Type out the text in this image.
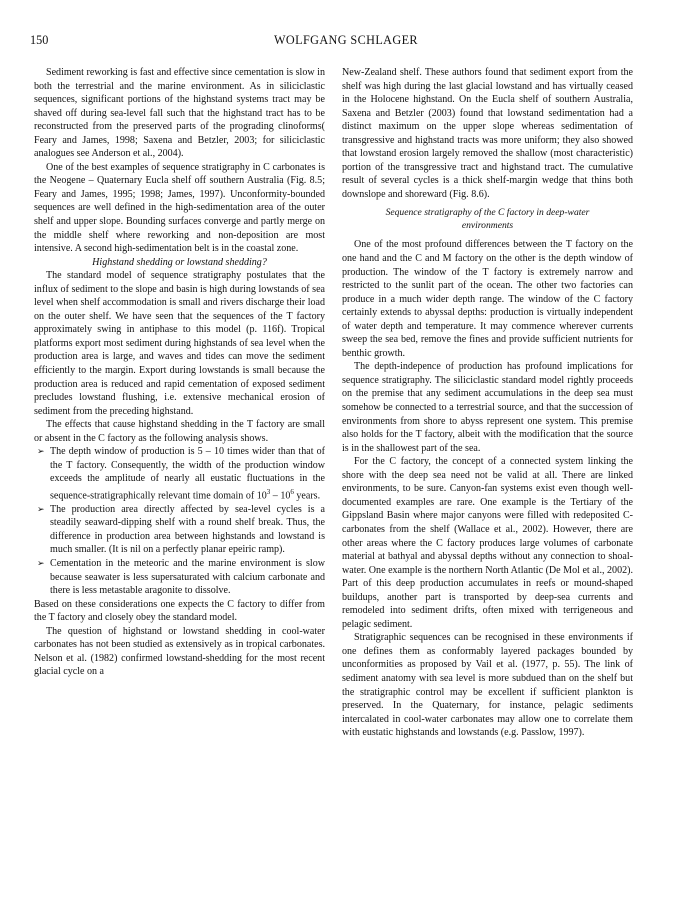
150	WOLFGANG SCHLAGER

Sediment reworking is fast and effective since cementation is slow in both the terrestrial and the marine environment. As in siliciclastic sequences, significant portions of the highstand systems tract may be shaved off during sea-level fall such that the highstand tract has to be reconstructed from the preserved parts of the prograding clinoforms( Feary and James, 1998; Saxena and Betzler, 2003; for siliciclastic analogues see Anderson et al., 2004).

One of the best examples of sequence stratigraphy in C carbonates is the Neogene – Quaternary Eucla shelf off southern Australia (Fig. 8.5; Feary and James, 1995; 1998; James, 1997). Unconformity-bounded sequences are well defined in the high-sedimentation area of the outer shelf and upper slope. Bounding surfaces converge and partly merge on the middle shelf where reworking and non-deposition are most intensive. A second high-sedimentation belt is in the coastal zone.

Highstand shedding or lowstand shedding?

The standard model of sequence stratigraphy postulates that the influx of sediment to the slope and basin is high during lowstands of sea level when shelf accommodation is small and rivers discharge their load on the outer shelf. We have seen that the sequences of the T factory approximately swing in antiphase to this model (p. 116f). Tropical platforms export most sediment during highstands of sea level when the production area is large, and waves and tides can move the sediment efficiently to the margin. Export during lowstands is small because the production area is reduced and rapid cementation of exposed sediment precludes lowstand flushing, i.e. extensive mechanical erosion of sediment from the preceding highstand.

The effects that cause highstand shedding in the T factory are small or absent in the C factory as the following analysis shows.

➢ The depth window of production is 5 – 10 times wider than that of the T factory. Consequently, the width of the production window exceeds the amplitude of nearly all eustatic fluctuations in the sequence-stratigraphically relevant time domain of $10^3 - 10^6$ years.
➢ The production area directly affected by sea-level cycles is a steadily seaward-dipping shelf with a round shelf break. Thus, the difference in production area between highstands and lowstand is much smaller. (It is nil on a perfectly planar epeiric ramp).
➢ Cementation in the meteoric and the marine environment is slow because seawater is less supersaturated with calcium carbonate and there is less metastable aragonite to dissolve.

Based on these considerations one expects the C factory to differ from the T factory and closely obey the standard model.

The question of highstand or lowstand shedding in cool-water carbonates has not been studied as extensively as in tropical carbonates. Nelson et al. (1982) confirmed lowstand-shedding for the most recent glacial cycle on a

New-Zealand shelf. These authors found that sediment export from the shelf was high during the last glacial lowstand and has virtually ceased in the Holocene highstand. On the Eucla shelf of southern Australia, Saxena and Betzler (2003) found that lowstand sedimentation had a distinct maximum on the upper slope whereas sedimentation of transgressive and highstand tracts was more uniform; they also showed that lowstand erosion largely removed the shallow (most characteristic) portion of the transgressive tract and highstand tract. The cumulative result of several cycles is a thick shelf-margin wedge that thins both downslope and shoreward (Fig. 8.6).

Sequence stratigraphy of the C factory in deep-water
environments

One of the most profound differences between the T factory on the one hand and the C and M factory on the other is the depth window of production. The window of the T factory is extremely narrow and restricted to the sunlit part of the ocean. The other two factories can produce in a much wider depth range. The window of the C factory certainly extends to abyssal depths: production is virtually independent of water depth and temperature. It may commence wherever currents sweep the sea bed, remove the fines and provide sufficient nutrients for benthic growth.

The depth-indepence of production has profound implications for sequence stratigraphy. The siliciclastic standard model rightly proceeds on the premise that any sediment accumulations in the deep sea must somehow be connected to a terrestrial source, and that the succession of environments from shore to abyss represent one system. This premise also holds for the T factory, albeit with the modification that the source is in the shallowest part of the sea.

For the C factory, the concept of a connected system linking the shore with the deep sea need not be valid at all. There are linked environments, to be sure. Canyon-fan systems exist even though well-documented examples are rare. One example is the Tertiary of the Gippsland Basin where major canyons were filled with redeposited C-carbonates from the shelf (Wallace et al., 2002). However, there are other areas where the C factory produces large volumes of carbonate material at bathyal and abyssal depths without any connection to shoal-water. One example is the northern North Atlantic (De Mol et al., 2002). Part of this deep production accumulates in reefs or mound-shaped buildups, another part is transported by deep-sea currents and remodeled into sediment drifts, often mixed with terrigeneous and pelagic sediment.

Stratigraphic sequences can be recognised in these environments if one defines them as conformably layered packages bounded by unconformities as proposed by Vail et al. (1977, p. 55). The link of sediment anatomy with sea level is more subdued than on the shelf but the stratigraphic control may be excellent if sufficient plankton is preserved. In the Quaternary, for instance, pelagic sediments intercalated in cool-water carbonates may allow one to correlate them with eustatic highstands and lowstands (e.g. Passlow, 1997).
